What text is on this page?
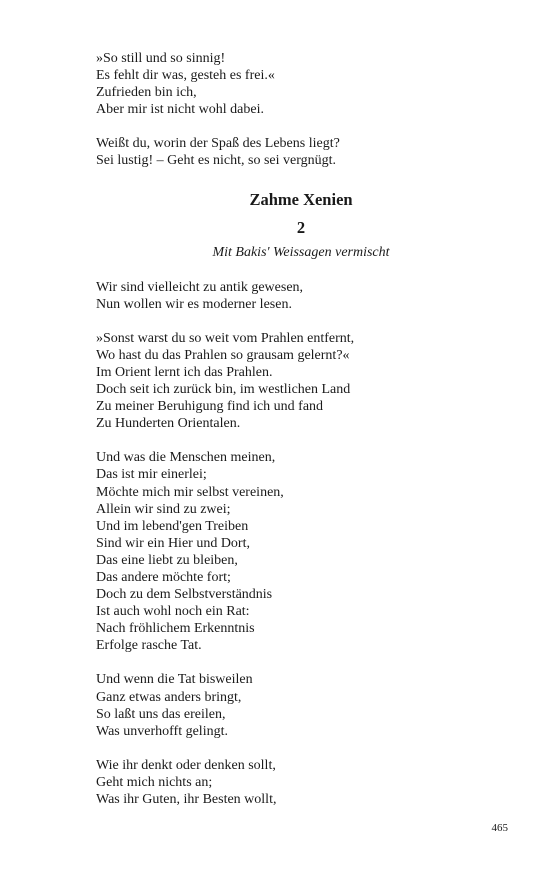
»So still und so sinnig!
Es fehlt dir was, gesteh es frei.«
Zufrieden bin ich,
Aber mir ist nicht wohl dabei.
Weißt du, worin der Spaß des Lebens liegt?
Sei lustig! – Geht es nicht, so sei vergnügt.
Zahme Xenien
2
Mit Bakis' Weissagen vermischt
Wir sind vielleicht zu antik gewesen,
Nun wollen wir es moderner lesen.
»Sonst warst du so weit vom Prahlen entfernt,
Wo hast du das Prahlen so grausam gelernt?«
Im Orient lernt ich das Prahlen.
Doch seit ich zurück bin, im westlichen Land
Zu meiner Beruhigung find ich und fand
Zu Hunderten Orientalen.
Und was die Menschen meinen,
Das ist mir einerlei;
Möchte mich mir selbst vereinen,
Allein wir sind zu zwei;
Und im lebend'gen Treiben
Sind wir ein Hier und Dort,
Das eine liebt zu bleiben,
Das andere möchte fort;
Doch zu dem Selbstverständnis
Ist auch wohl noch ein Rat:
Nach fröhlichem Erkenntnis
Erfolge rasche Tat.
Und wenn die Tat bisweilen
Ganz etwas anders bringt,
So laßt uns das ereilen,
Was unverhofft gelingt.
Wie ihr denkt oder denken sollt,
Geht mich nichts an;
Was ihr Guten, ihr Besten wollt,
465
